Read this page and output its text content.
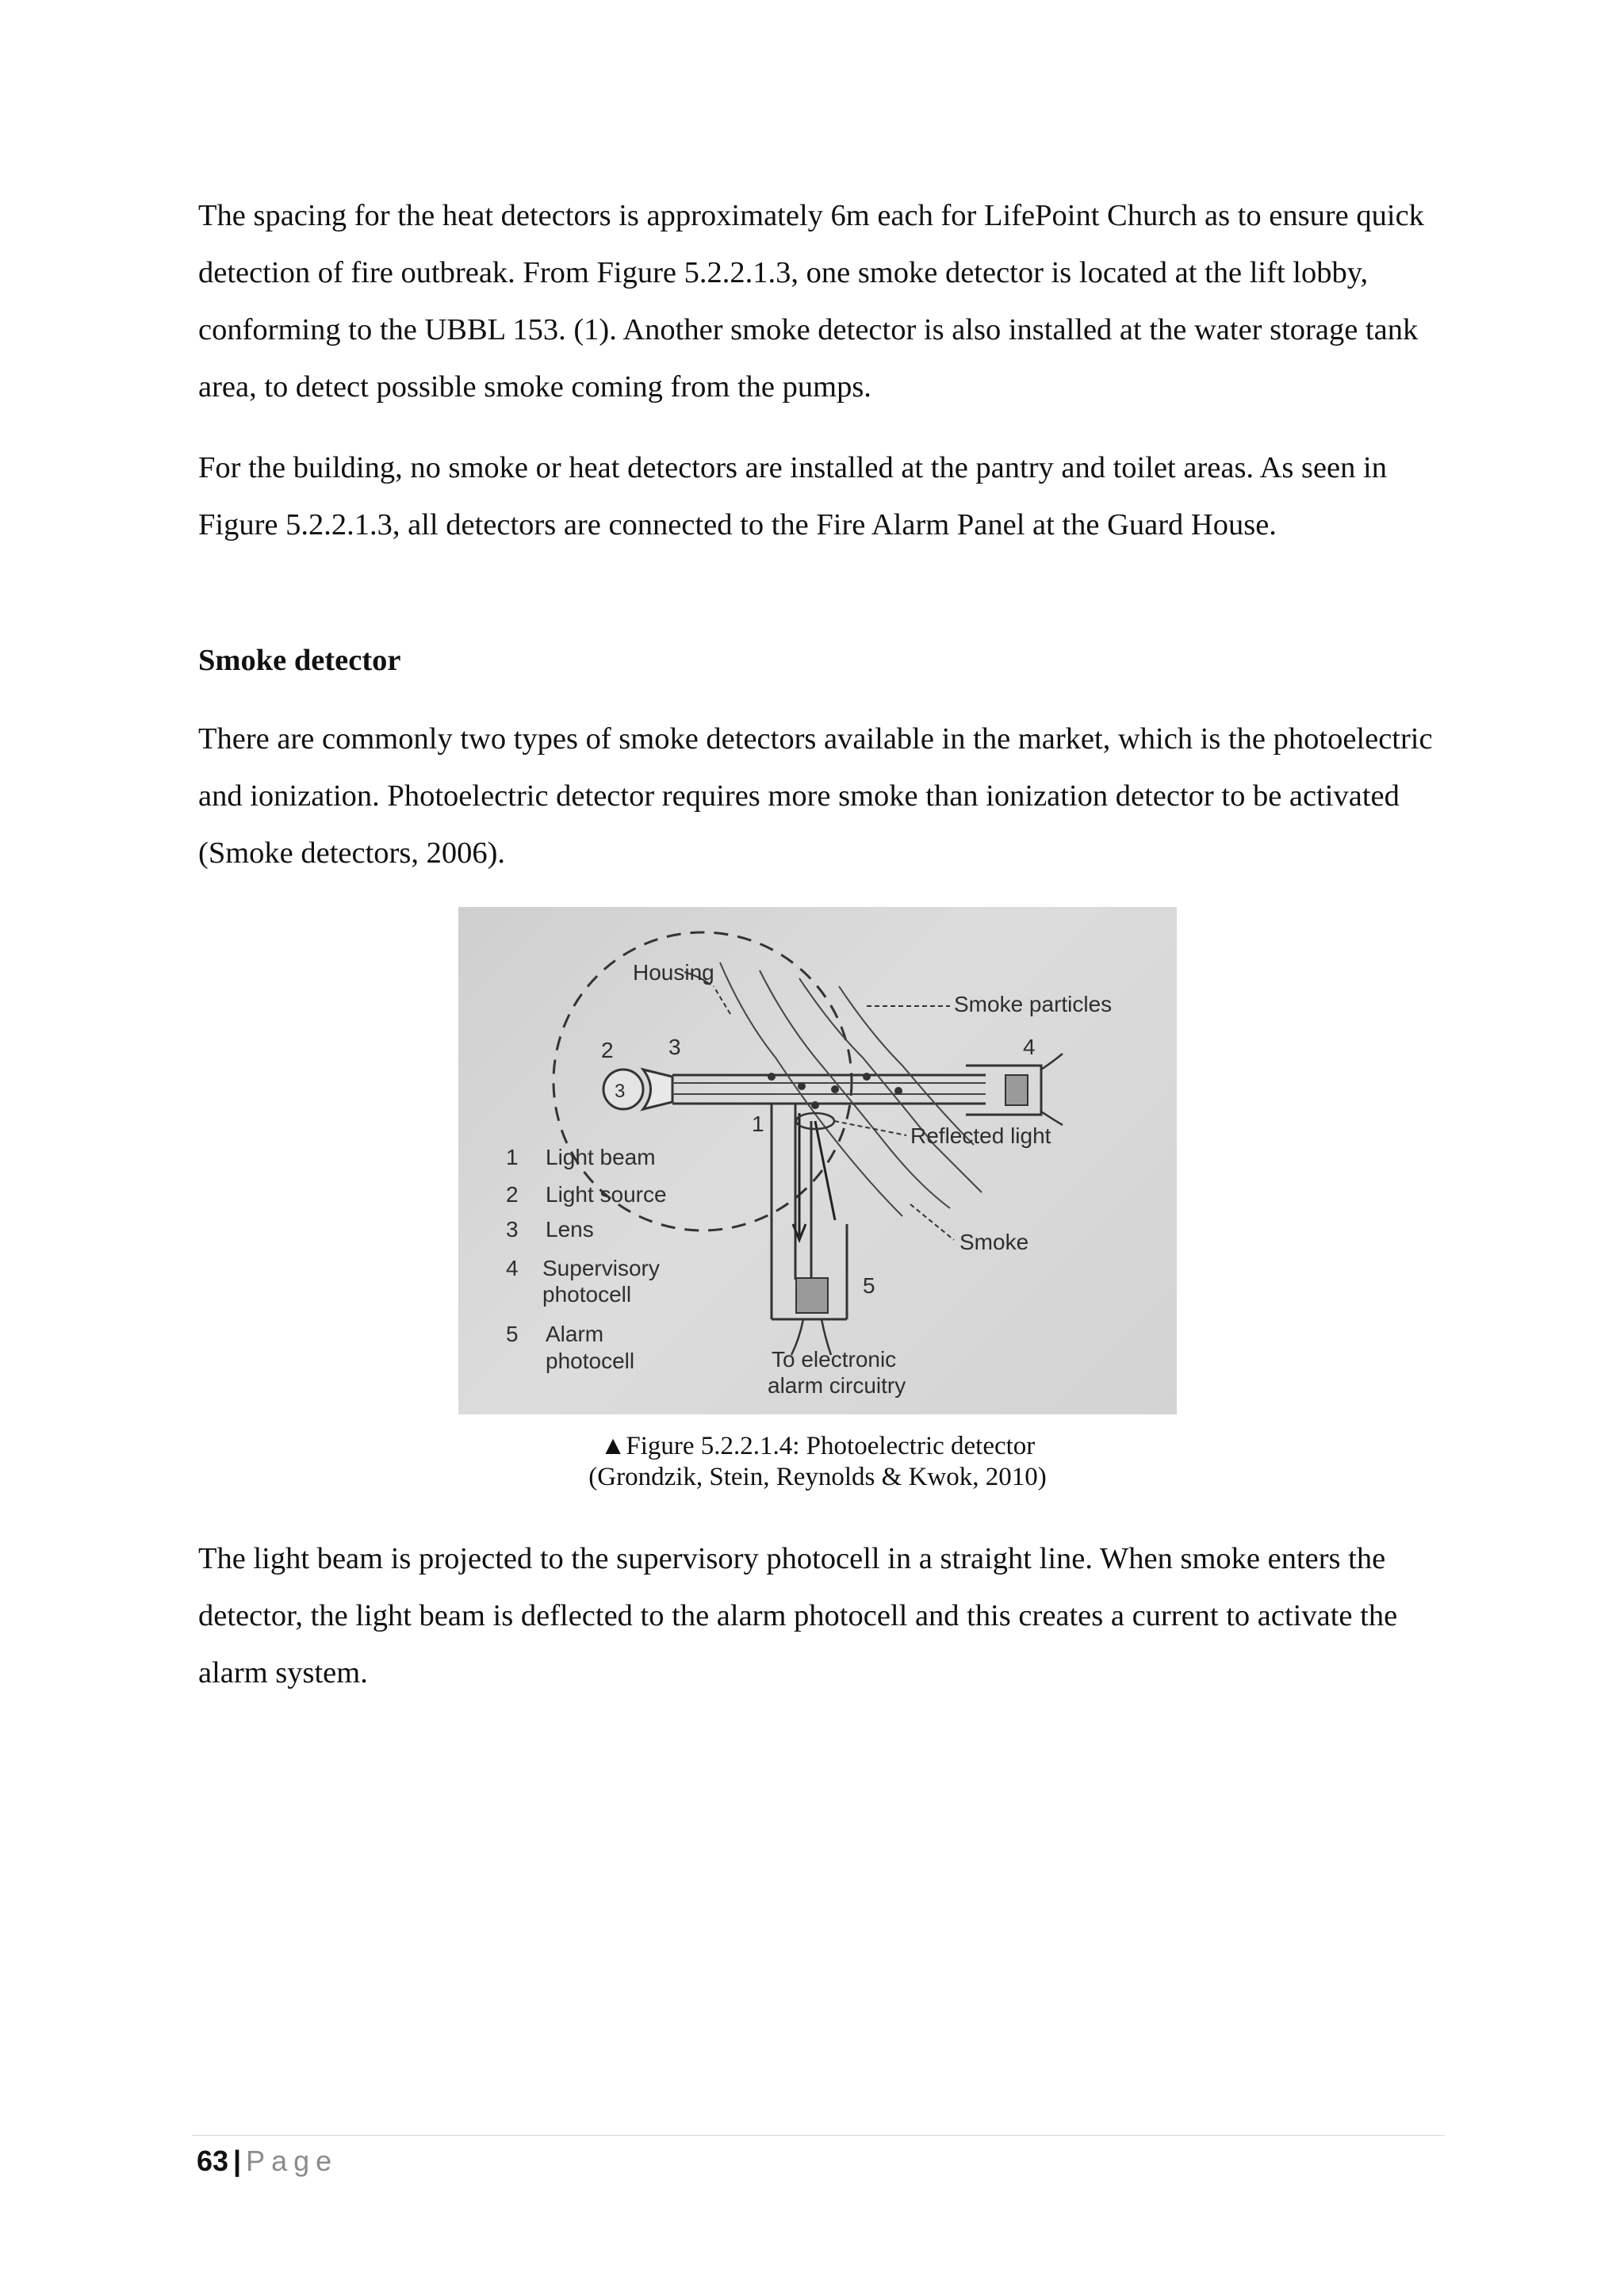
The spacing for the heat detectors is approximately 6m each for LifePoint Church as to ensure quick detection of fire outbreak. From Figure 5.2.2.1.3, one smoke detector is located at the lift lobby, conforming to the UBBL 153. (1). Another smoke detector is also installed at the water storage tank area, to detect possible smoke coming from the pumps.

For the building, no smoke or heat detectors are installed at the pantry and toilet areas. As seen in Figure 5.2.2.1.3, all detectors are connected to the Fire Alarm Panel at the Guard House.

Smoke detector

There are commonly two types of smoke detectors available in the market, which is the photoelectric and ionization. Photoelectric detector requires more smoke than ionization detector to be activated (Smoke detectors, 2006).

3
Housing
Smoke particles
Reflected light
Smoke
To electronic
alarm circuitry
2 3	4
1
5
1 Light beam
2 Light source
3 Lens
4 Supervisory
photocell
5 Alarm
photocell

▲Figure 5.2.2.1.4: Photoelectric detector

(Grondzik, Stein, Reynolds & Kwok, 2010)

The light beam is projected to the supervisory photocell in a straight line. When smoke enters the detector, the light beam is deflected to the alarm photocell and this creates a current to activate the alarm system.

63 | Page
